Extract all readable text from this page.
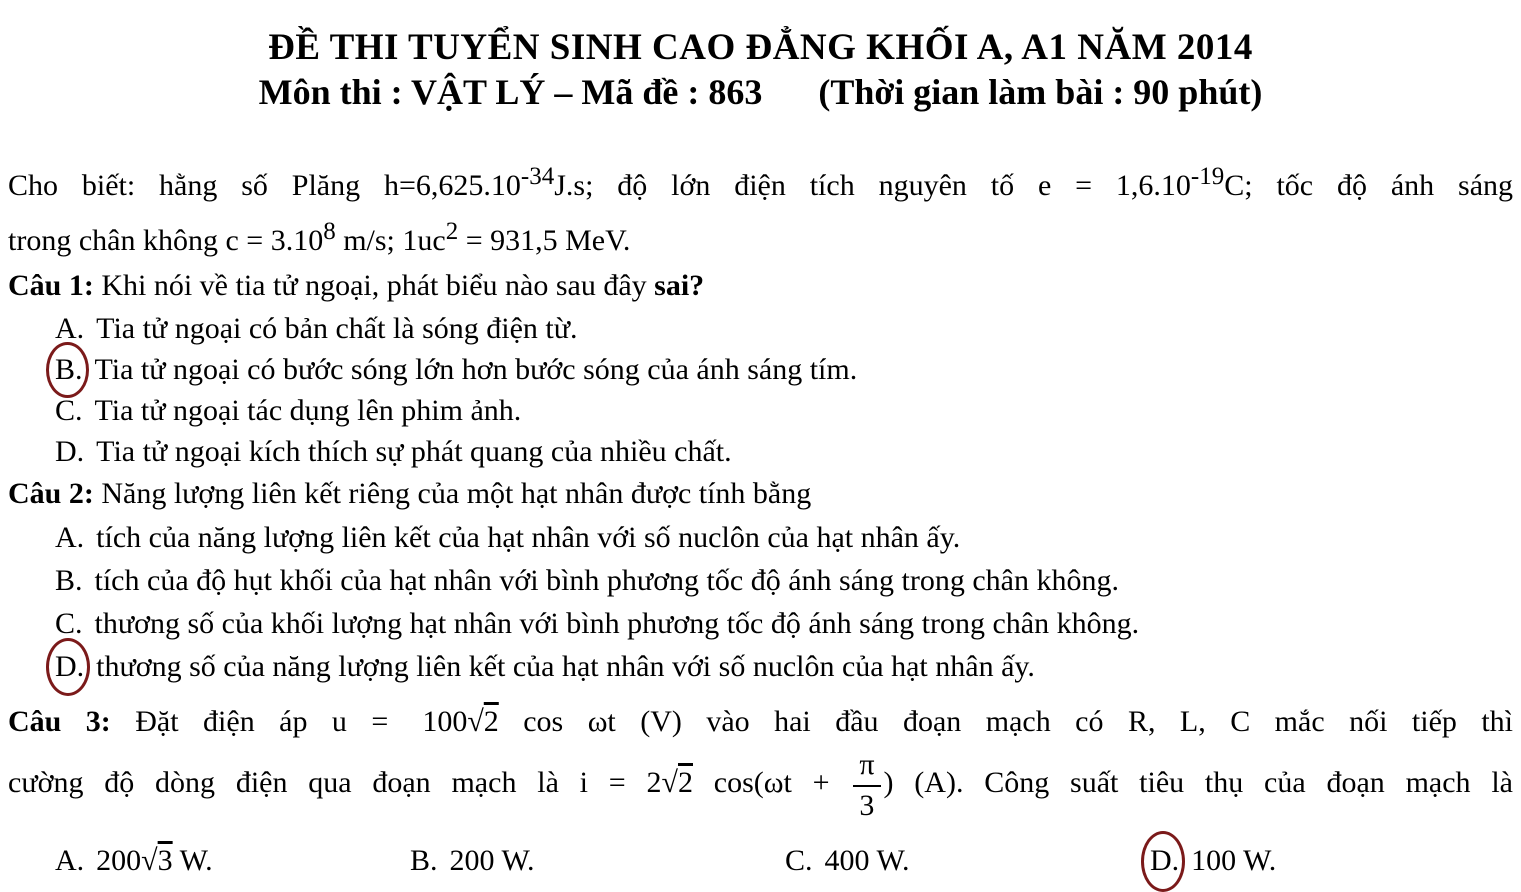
ĐỀ THI TUYỂN SINH CAO ĐẲNG KHỐI A, A1 NĂM 2014
Môn thi : VẬT LÝ – Mã đề : 863 (Thời gian làm bài : 90 phút)
Cho biết: hằng số Plăng $h=6,625.10^{-34}J.s$; độ lớn điện tích nguyên tố $e = 1,6.10^{-19}C$; tốc độ ánh sáng
trong chân không $c = 3.10^8$ m/s; $1uc^2 = 931,5$ MeV.
Câu 1: Khi nói về tia tử ngoại, phát biểu nào sau đây sai?
A. Tia tử ngoại có bản chất là sóng điện từ.
B. Tia tử ngoại có bước sóng lớn hơn bước sóng của ánh sáng tím.
C. Tia tử ngoại tác dụng lên phim ảnh.
D. Tia tử ngoại kích thích sự phát quang của nhiều chất.
Câu 2: Năng lượng liên kết riêng của một hạt nhân được tính bằng
A. tích của năng lượng liên kết của hạt nhân với số nuclôn của hạt nhân ấy.
B. tích của độ hụt khối của hạt nhân với bình phương tốc độ ánh sáng trong chân không.
C. thương số của khối lượng hạt nhân với bình phương tốc độ ánh sáng trong chân không.
D. thương số của năng lượng liên kết của hạt nhân với số nuclôn của hạt nhân ấy.
Câu 3: Đặt điện áp u = 100√2 cos ωt (V) vào hai đầu đoạn mạch có R, L, C mắc nối tiếp thì
cường độ dòng điện qua đoạn mạch là i = 2√2 $\cos(\omega t + \frac{\pi}{3}$ ) (A). Công suất tiêu thụ của đoạn mạch là
A. 200√3 W.	B. 200 W.	C. 400 W.	D. 100 W.
